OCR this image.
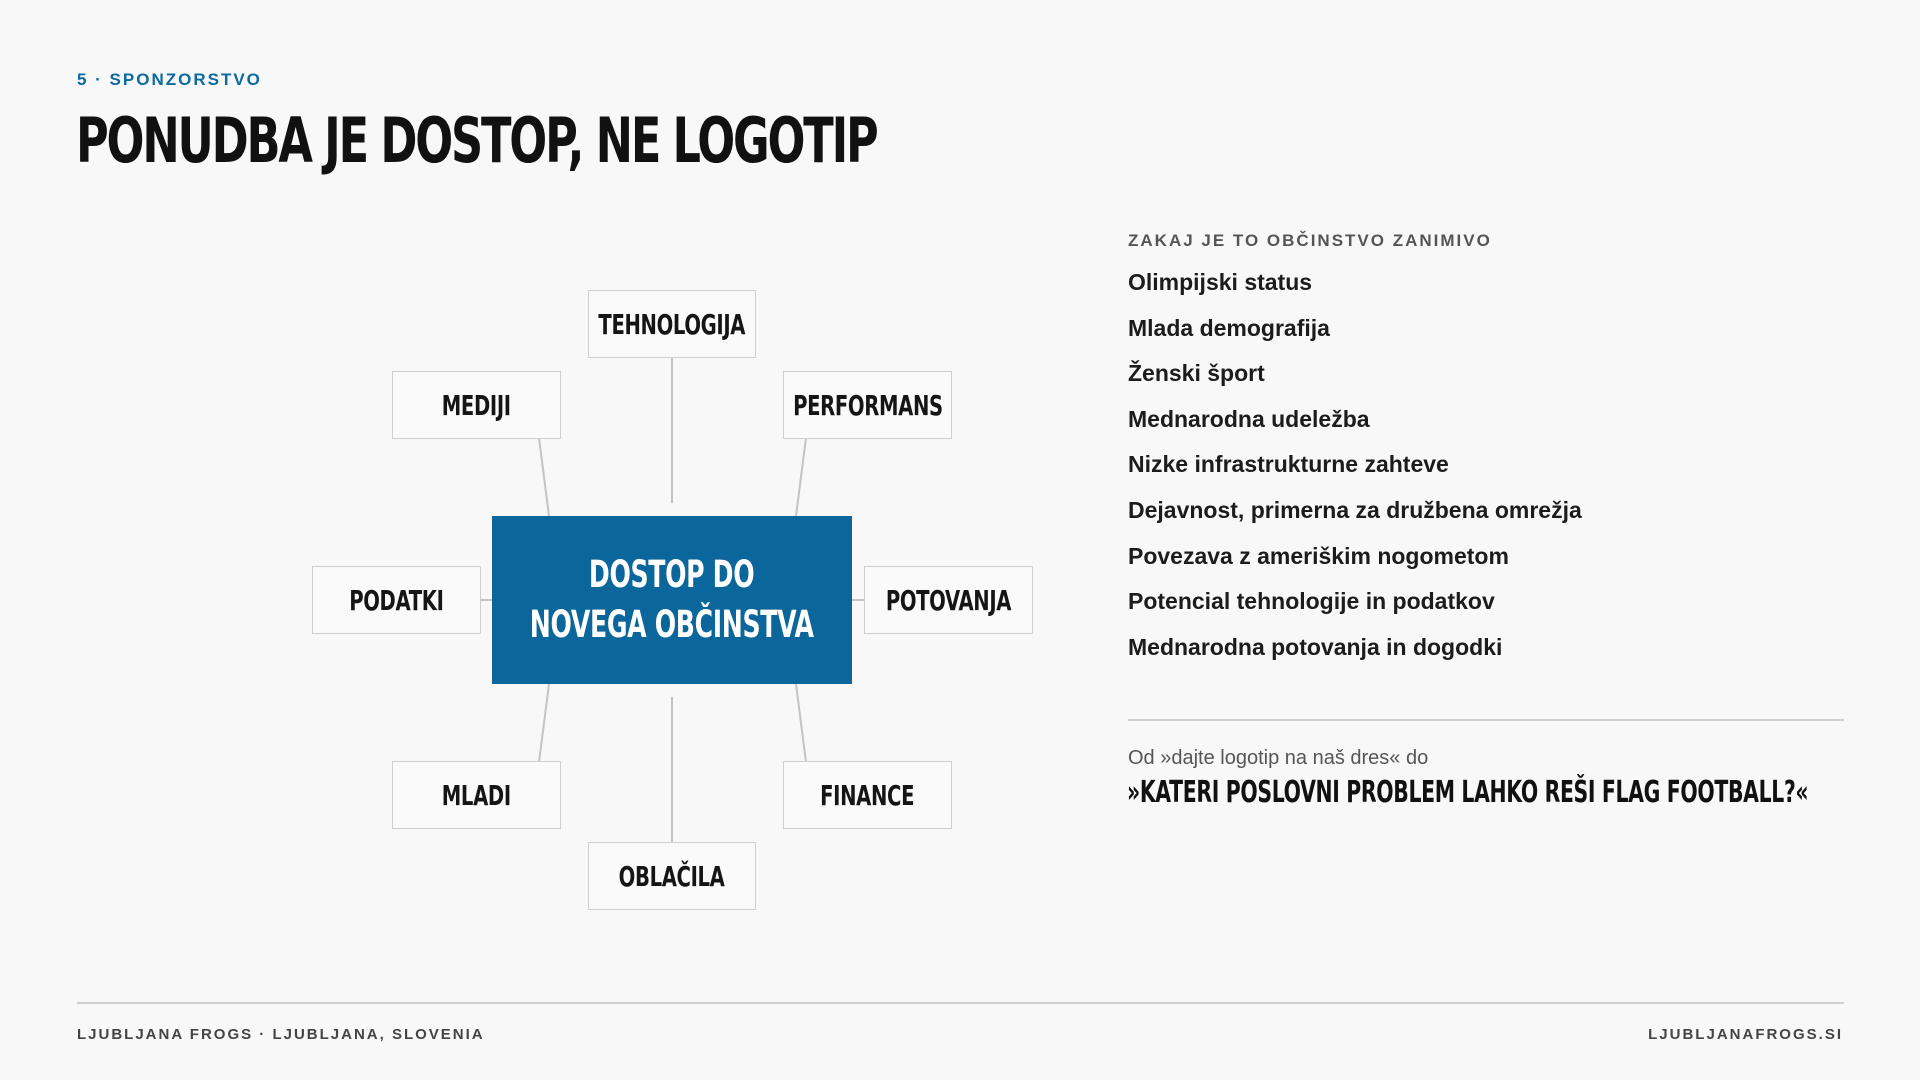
5 · SPONZORSTVO
PONUDBA JE DOSTOP, NE LOGOTIP
TEHNOLOGIJA
MEDIJI	PERFORMANS
PODATKI	POTOVANJA
MLADI	FINANCE
OBLAČILA
DOSTOP DO
NOVEGA OBČINSTVA
ZAKAJ JE TO OBČINSTVO ZANIMIVO
Olimpijski status
Mlada demografija
Ženski šport
Mednarodna udeležba
Nizke infrastrukturne zahteve
Dejavnost, primerna za družbena omrežja
Povezava z ameriškim nogometom
Potencial tehnologije in podatkov
Mednarodna potovanja in dogodki
Od »dajte logotip na naš dres« do
»KATERI POSLOVNI PROBLEM LAHKO REŠI FLAG FOOTBALL?«
LJUBLJANA FROGS · LJUBLJANA, SLOVENIA	LJUBLJANAFROGS.SI
